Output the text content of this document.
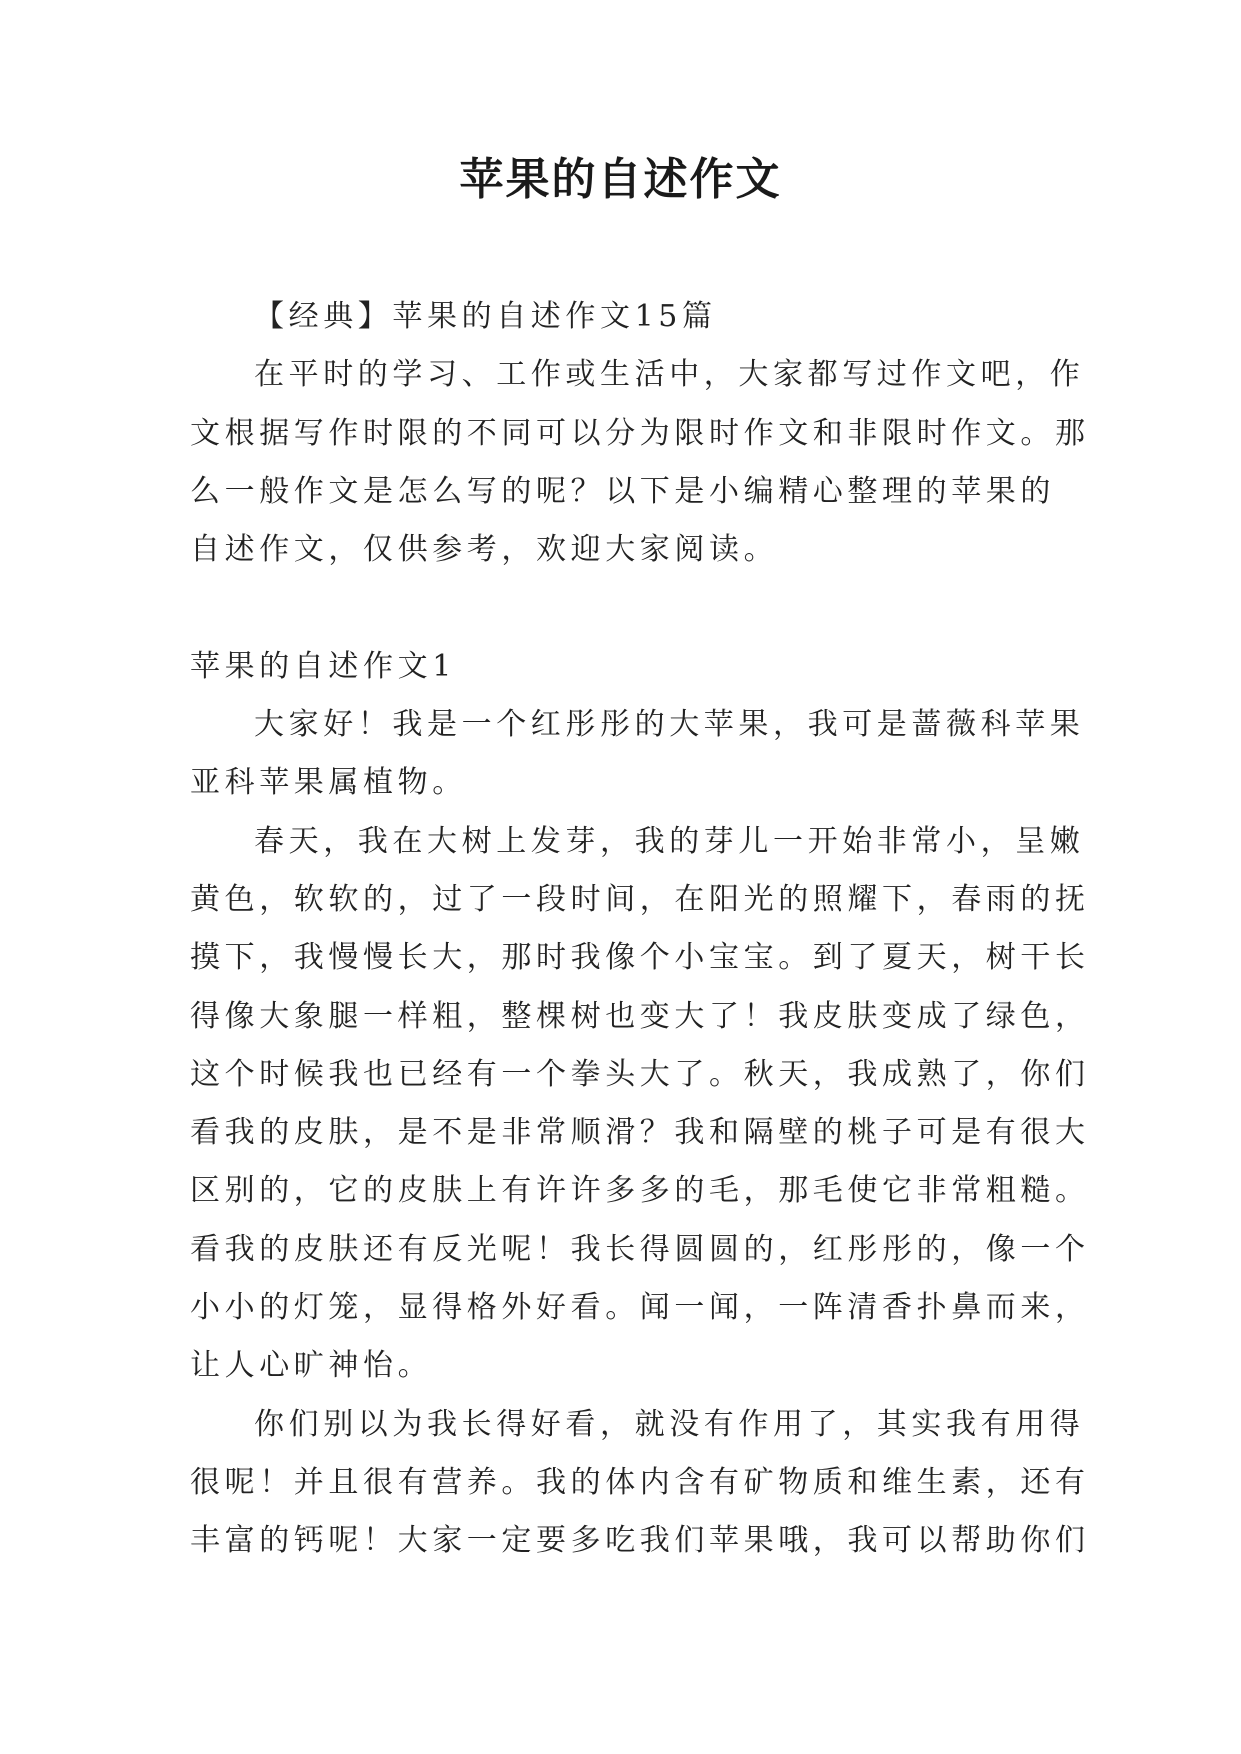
苹果的自述作文
【经典】苹果的自述作文15篇
在平时的学习、工作或生活中，大家都写过作文吧，作
文根据写作时限的不同可以分为限时作文和非限时作文。那
么一般作文是怎么写的呢？以下是小编精心整理的苹果的
自述作文，仅供参考，欢迎大家阅读。
苹果的自述作文1
大家好！我是一个红彤彤的大苹果，我可是蔷薇科苹果
亚科苹果属植物。
春天，我在大树上发芽，我的芽儿一开始非常小，呈嫩
黄色，软软的，过了一段时间，在阳光的照耀下，春雨的抚
摸下，我慢慢长大，那时我像个小宝宝。到了夏天，树干长
得像大象腿一样粗，整棵树也变大了！我皮肤变成了绿色，
这个时候我也已经有一个拳头大了。秋天，我成熟了，你们
看我的皮肤，是不是非常顺滑？我和隔壁的桃子可是有很大
区别的，它的皮肤上有许许多多的毛，那毛使它非常粗糙。
看我的皮肤还有反光呢！我长得圆圆的，红彤彤的，像一个
小小的灯笼，显得格外好看。闻一闻，一阵清香扑鼻而来，
让人心旷神怡。
你们别以为我长得好看，就没有作用了，其实我有用得
很呢！并且很有营养。我的体内含有矿物质和维生素，还有
丰富的钙呢！大家一定要多吃我们苹果哦，我可以帮助你们
